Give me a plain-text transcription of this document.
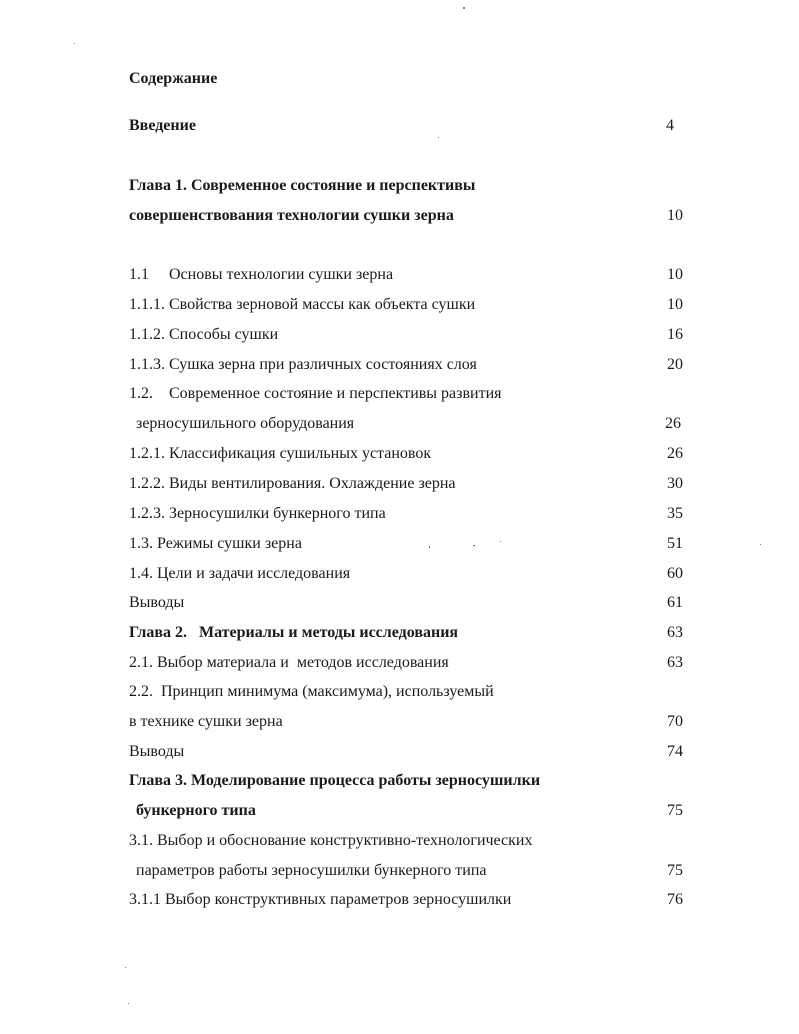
Содержание
Введение	4
Глава 1. Современное состояние и перспективы
совершенствования технологии сушки зерна	10
1.1     Основы технологии сушки зерна	10
1.1.1. Свойства зерновой массы как объекта сушки	10
1.1.2. Способы сушки	16
1.1.3. Сушка зерна при различных состояниях слоя	20
1.2.    Современное состояние и перспективы развития
зерносушильного оборудования	26
1.2.1. Классификация сушильных установок	26
1.2.2. Виды вентилирования. Охлаждение зерна	30
1.2.3. Зерносушилки бункерного типа	35
1.3. Режимы сушки зерна	51
1.4. Цели и задачи исследования	60
Выводы	61
Глава 2.   Материалы и методы исследования	63
2.1. Выбор материала и  методов исследования	63
2.2.  Принцип минимума (максимума), используемый
в технике сушки зерна	70
Выводы	74
Глава 3. Моделирование процесса работы зерносушилки
бункерного типа	75
3.1. Выбор и обоснование конструктивно-технологических
параметров работы зерносушилки бункерного типа	75
3.1.1 Выбор конструктивных параметров зерносушилки	76
